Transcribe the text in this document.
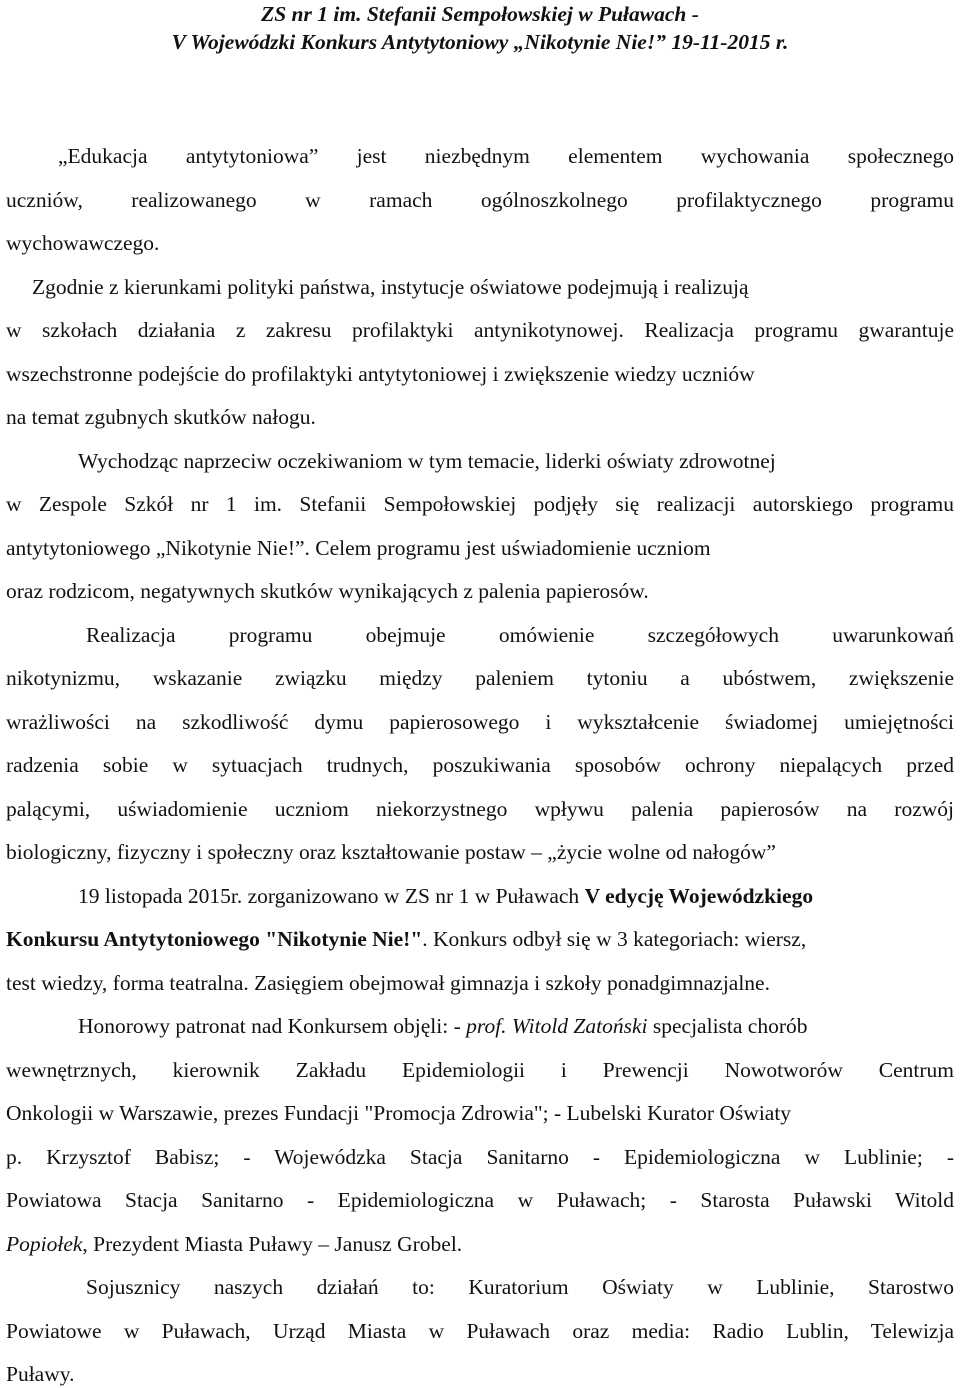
ZS nr 1 im. Stefanii Sempołowskiej w Puławach -
V Wojewódzki Konkurs Antytytoniowy „Nikotynie Nie!” 19-11-2015 r.
„Edukacja antytytoniowa” jest niezbędnym elementem wychowania społecznego
uczniów, realizowanego w ramach ogólnoszkolnego profilaktycznego programu
wychowawczego.
Zgodnie z kierunkami polityki państwa, instytucje oświatowe podejmują i realizują
w szkołach działania z zakresu profilaktyki antynikotynowej. Realizacja programu gwarantuje
wszechstronne podejście do profilaktyki antytytoniowej i zwiększenie wiedzy uczniów
na temat zgubnych skutków nałogu.
Wychodząc naprzeciw oczekiwaniom w tym temacie, liderki oświaty zdrowotnej
w Zespole Szkół nr 1 im. Stefanii Sempołowskiej podjęły się realizacji autorskiego programu
antytytoniowego „Nikotynie Nie!”. Celem programu jest uświadomienie uczniom
oraz rodzicom, negatywnych skutków wynikających z palenia papierosów.
Realizacja programu obejmuje omówienie szczegółowych uwarunkowań
nikotynizmu, wskazanie związku między paleniem tytoniu a ubóstwem, zwiększenie
wrażliwości na szkodliwość dymu papierosowego i wykształcenie świadomej umiejętności
radzenia sobie w sytuacjach trudnych, poszukiwania sposobów ochrony niepalących przed
palącymi, uświadomienie uczniom niekorzystnego wpływu palenia papierosów na rozwój
biologiczny, fizyczny i społeczny oraz kształtowanie postaw – „życie wolne od nałogów”
19 listopada 2015r. zorganizowano w ZS nr 1 w Puławach V edycję Wojewódzkiego
Konkursu Antytytoniowego "Nikotynie Nie!". Konkurs odbył się w 3 kategoriach: wiersz,
test wiedzy, forma teatralna. Zasięgiem obejmował gimnazja i szkoły ponadgimnazjalne.
Honorowy patronat nad Konkursem objęli: - prof. Witold Zatoński specjalista chorób
wewnętrznych, kierownik Zakładu Epidemiologii i Prewencji Nowotworów Centrum
Onkologii w Warszawie, prezes Fundacji "Promocja Zdrowia"; - Lubelski Kurator Oświaty
p. Krzysztof Babisz; - Wojewódzka Stacja Sanitarno - Epidemiologiczna w Lublinie; -
Powiatowa Stacja Sanitarno - Epidemiologiczna w Puławach; - Starosta Puławski Witold
Popiołek, Prezydent Miasta Puławy – Janusz Grobel.
Sojusznicy naszych działań to: Kuratorium Oświaty w Lublinie, Starostwo
Powiatowe w Puławach, Urząd Miasta w Puławach oraz media: Radio Lublin, Telewizja
Puławy.
